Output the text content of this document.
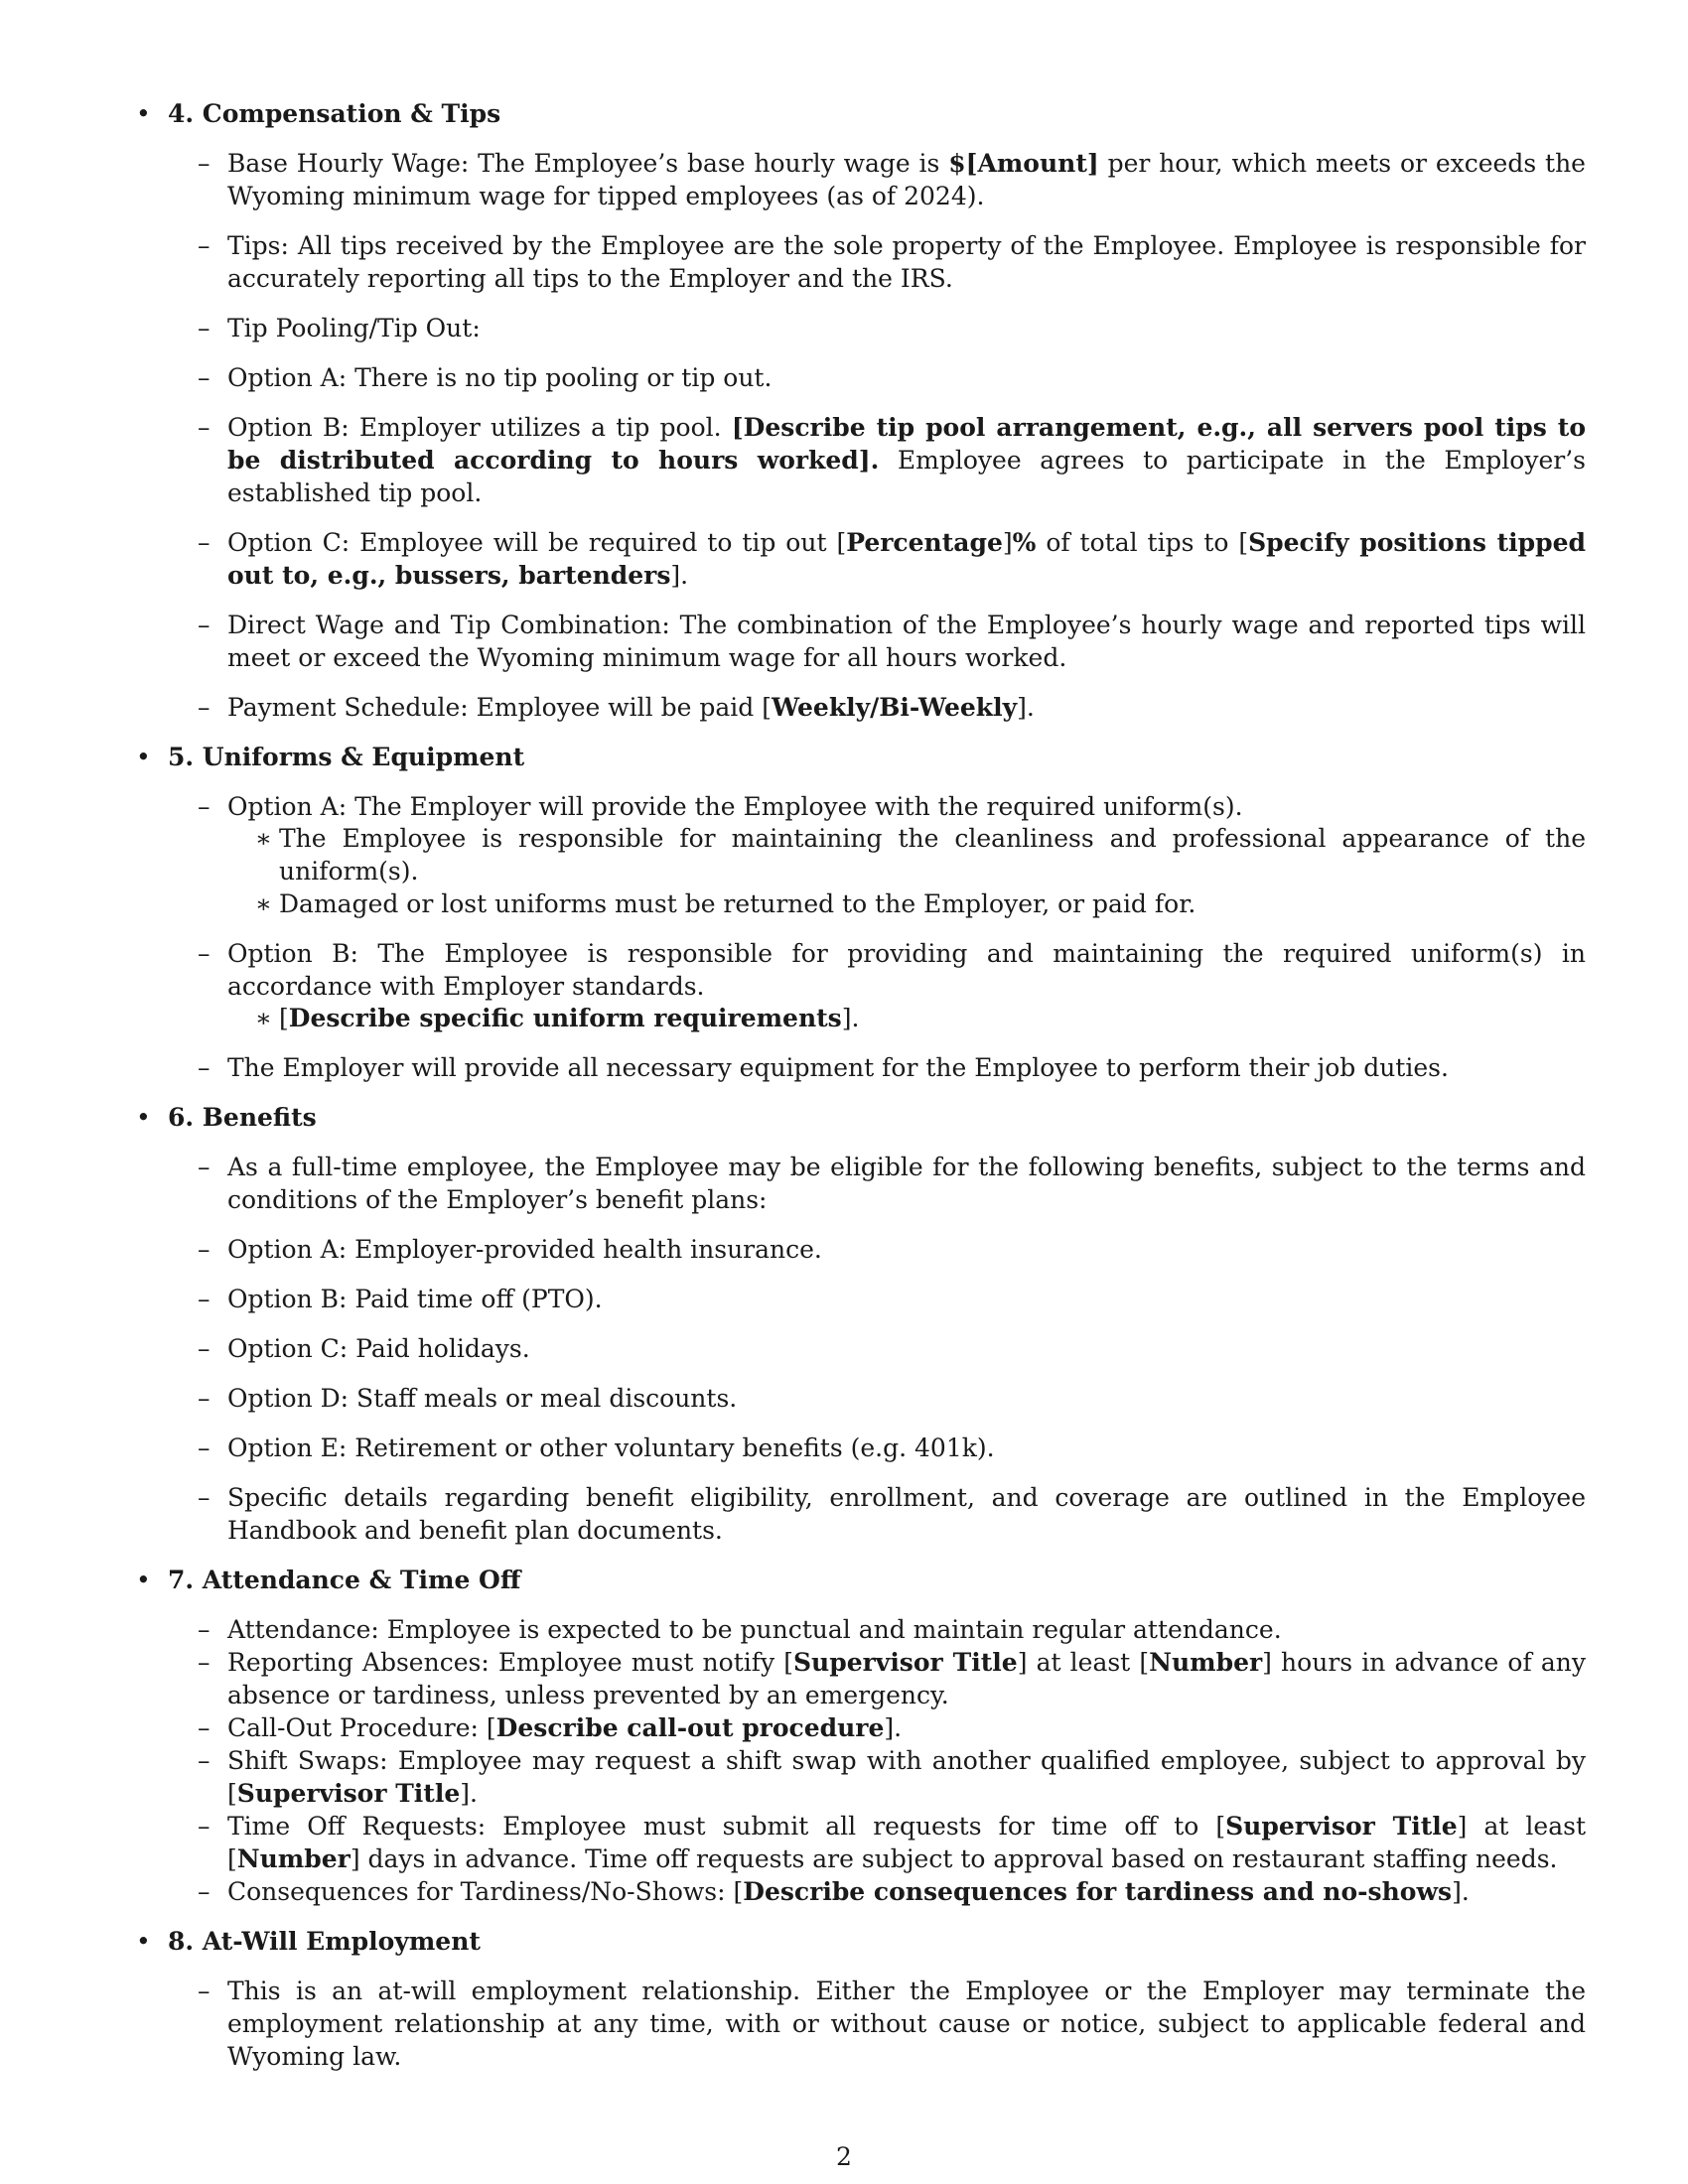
• 4. Compensation & Tips
– Base Hourly Wage: The Employee’s base hourly wage is $[Amount] per hour, which meets or exceeds the Wyoming minimum wage for tipped employees (as of 2024).
– Tips: All tips received by the Employee are the sole property of the Employee. Employee is responsible for accurately reporting all tips to the Employer and the IRS.
– Tip Pooling/Tip Out:
– Option A: There is no tip pooling or tip out.
– Option B: Employer utilizes a tip pool. [Describe tip pool arrangement, e.g., all servers pool tips to be distributed according to hours worked]. Employee agrees to participate in the Employer’s established tip pool.
– Option C: Employee will be required to tip out [Percentage]% of total tips to [Specify positions tipped out to, e.g., bussers, bartenders].
– Direct Wage and Tip Combination: The combination of the Employee’s hourly wage and reported tips will meet or exceed the Wyoming minimum wage for all hours worked.
– Payment Schedule: Employee will be paid [Weekly/Bi-Weekly].
• 5. Uniforms & Equipment
– Option A: The Employer will provide the Employee with the required uniform(s).
∗ The Employee is responsible for maintaining the cleanliness and professional appearance of the uniform(s).
∗ Damaged or lost uniforms must be returned to the Employer, or paid for.
– Option B: The Employee is responsible for providing and maintaining the required uniform(s) in accordance with Employer standards.
∗ [Describe specific uniform requirements].
– The Employer will provide all necessary equipment for the Employee to perform their job duties.
• 6. Benefits
– As a full-time employee, the Employee may be eligible for the following benefits, subject to the terms and conditions of the Employer’s benefit plans:
– Option A: Employer-provided health insurance.
– Option B: Paid time off (PTO).
– Option C: Paid holidays.
– Option D: Staff meals or meal discounts.
– Option E: Retirement or other voluntary benefits (e.g. 401k).
– Specific details regarding benefit eligibility, enrollment, and coverage are outlined in the Employee Handbook and benefit plan documents.
• 7. Attendance & Time Off
– Attendance: Employee is expected to be punctual and maintain regular attendance.
– Reporting Absences: Employee must notify [Supervisor Title] at least [Number] hours in advance of any absence or tardiness, unless prevented by an emergency.
– Call-Out Procedure: [Describe call-out procedure].
– Shift Swaps: Employee may request a shift swap with another qualified employee, subject to approval by [Supervisor Title].
– Time Off Requests: Employee must submit all requests for time off to [Supervisor Title] at least [Number] days in advance. Time off requests are subject to approval based on restaurant staffing needs.
– Consequences for Tardiness/No-Shows: [Describe consequences for tardiness and no-shows].
• 8. At-Will Employment
– This is an at-will employment relationship. Either the Employee or the Employer may terminate the employment relationship at any time, with or without cause or notice, subject to applicable federal and Wyoming law.
2
